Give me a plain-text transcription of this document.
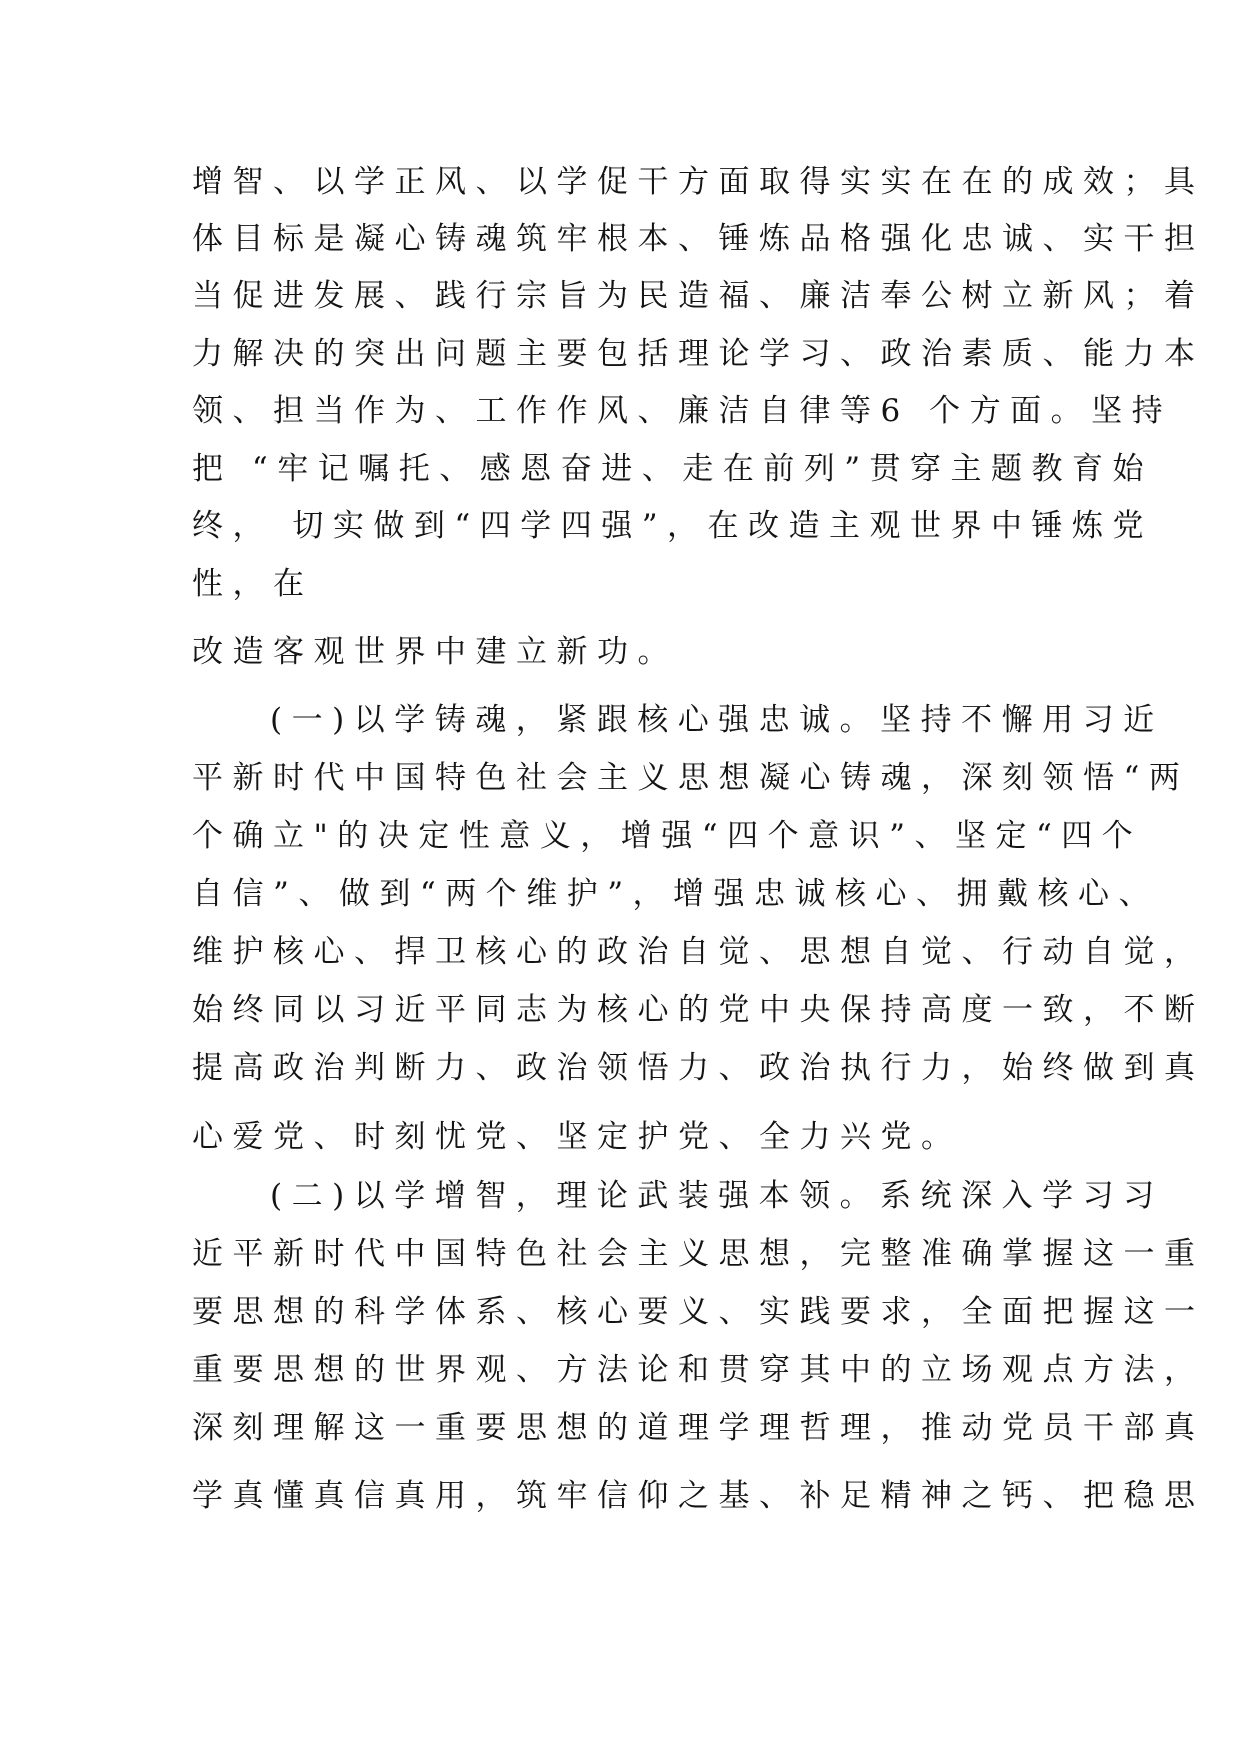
增智、以学正风、以学促干方面取得实实在在的成效；具
体目标是凝心铸魂筑牢根本、锤炼品格强化忠诚、实干担
当促进发展、践行宗旨为民造福、廉洁奉公树立新风；着
力解决的突出问题主要包括理论学习、政治素质、能力本
领、担当作为、工作作风、廉洁自律等6 个方面。坚持
把 “牢记嘱托、感恩奋进、走在前列”贯穿主题教育始
终， 切实做到“四学四强”，在改造主观世界中锤炼党
性，在
改造客观世界中建立新功。
(一)以学铸魂，紧跟核心强忠诚。坚持不懈用习近
平新时代中国特色社会主义思想凝心铸魂，深刻领悟“两
个确立"的决定性意义，增强“四个意识”、坚定“四个
自信”、做到“两个维护”，增强忠诚核心、拥戴核心、
维护核心、捍卫核心的政治自觉、思想自觉、行动自觉，
始终同以习近平同志为核心的党中央保持高度一致，不断
提高政治判断力、政治领悟力、政治执行力，始终做到真
心爱党、时刻忧党、坚定护党、全力兴党。
(二)以学增智，理论武装强本领。系统深入学习习
近平新时代中国特色社会主义思想，完整准确掌握这一重
要思想的科学体系、核心要义、实践要求，全面把握这一
重要思想的世界观、方法论和贯穿其中的立场观点方法，
深刻理解这一重要思想的道理学理哲理，推动党员干部真
学真懂真信真用，筑牢信仰之基、补足精神之钙、把稳思
